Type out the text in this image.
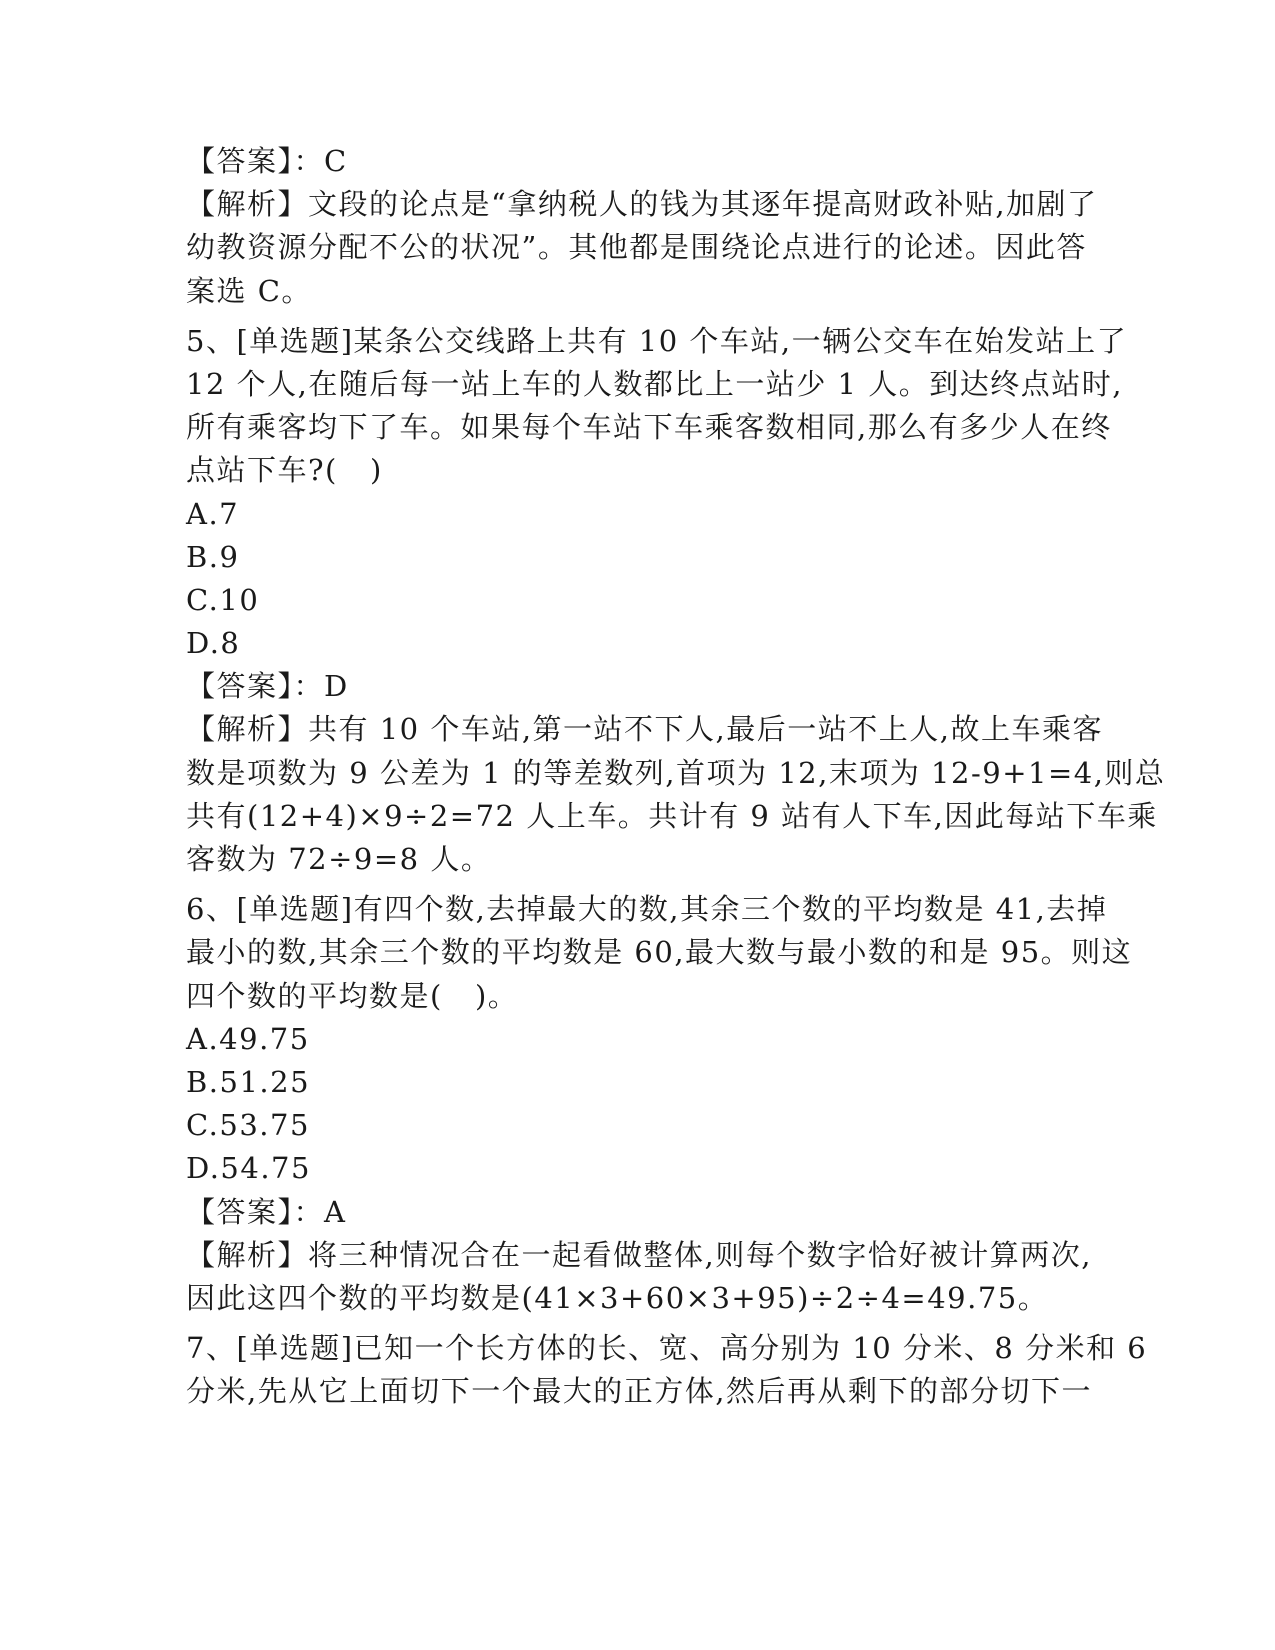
【答案】：C
【解析】文段的论点是“拿纳税人的钱为其逐年提高财政补贴,加剧了
幼教资源分配不公的状况”。其他都是围绕论点进行的论述。因此答
案选 C。
5、[单选题]某条公交线路上共有 10 个车站,一辆公交车在始发站上了
12 个人,在随后每一站上车的人数都比上一站少 1 人。到达终点站时,
所有乘客均下了车。如果每个车站下车乘客数相同,那么有多少人在终
点站下车?(   )
A.7
B.9
C.10
D.8
【答案】：D
【解析】共有 10 个车站,第一站不下人,最后一站不上人,故上车乘客
数是项数为 9 公差为 1 的等差数列,首项为 12,末项为 12-9+1=4,则总
共有(12+4)×9÷2=72 人上车。共计有 9 站有人下车,因此每站下车乘
客数为 72÷9=8 人。
6、[单选题]有四个数,去掉最大的数,其余三个数的平均数是 41,去掉
最小的数,其余三个数的平均数是 60,最大数与最小数的和是 95。则这
四个数的平均数是(   )。
A.49.75
B.51.25
C.53.75
D.54.75
【答案】：A
【解析】将三种情况合在一起看做整体,则每个数字恰好被计算两次,
因此这四个数的平均数是(41×3+60×3+95)÷2÷4=49.75。
7、[单选题]已知一个长方体的长、宽、高分别为 10 分米、8 分米和 6
分米,先从它上面切下一个最大的正方体,然后再从剩下的部分切下一
